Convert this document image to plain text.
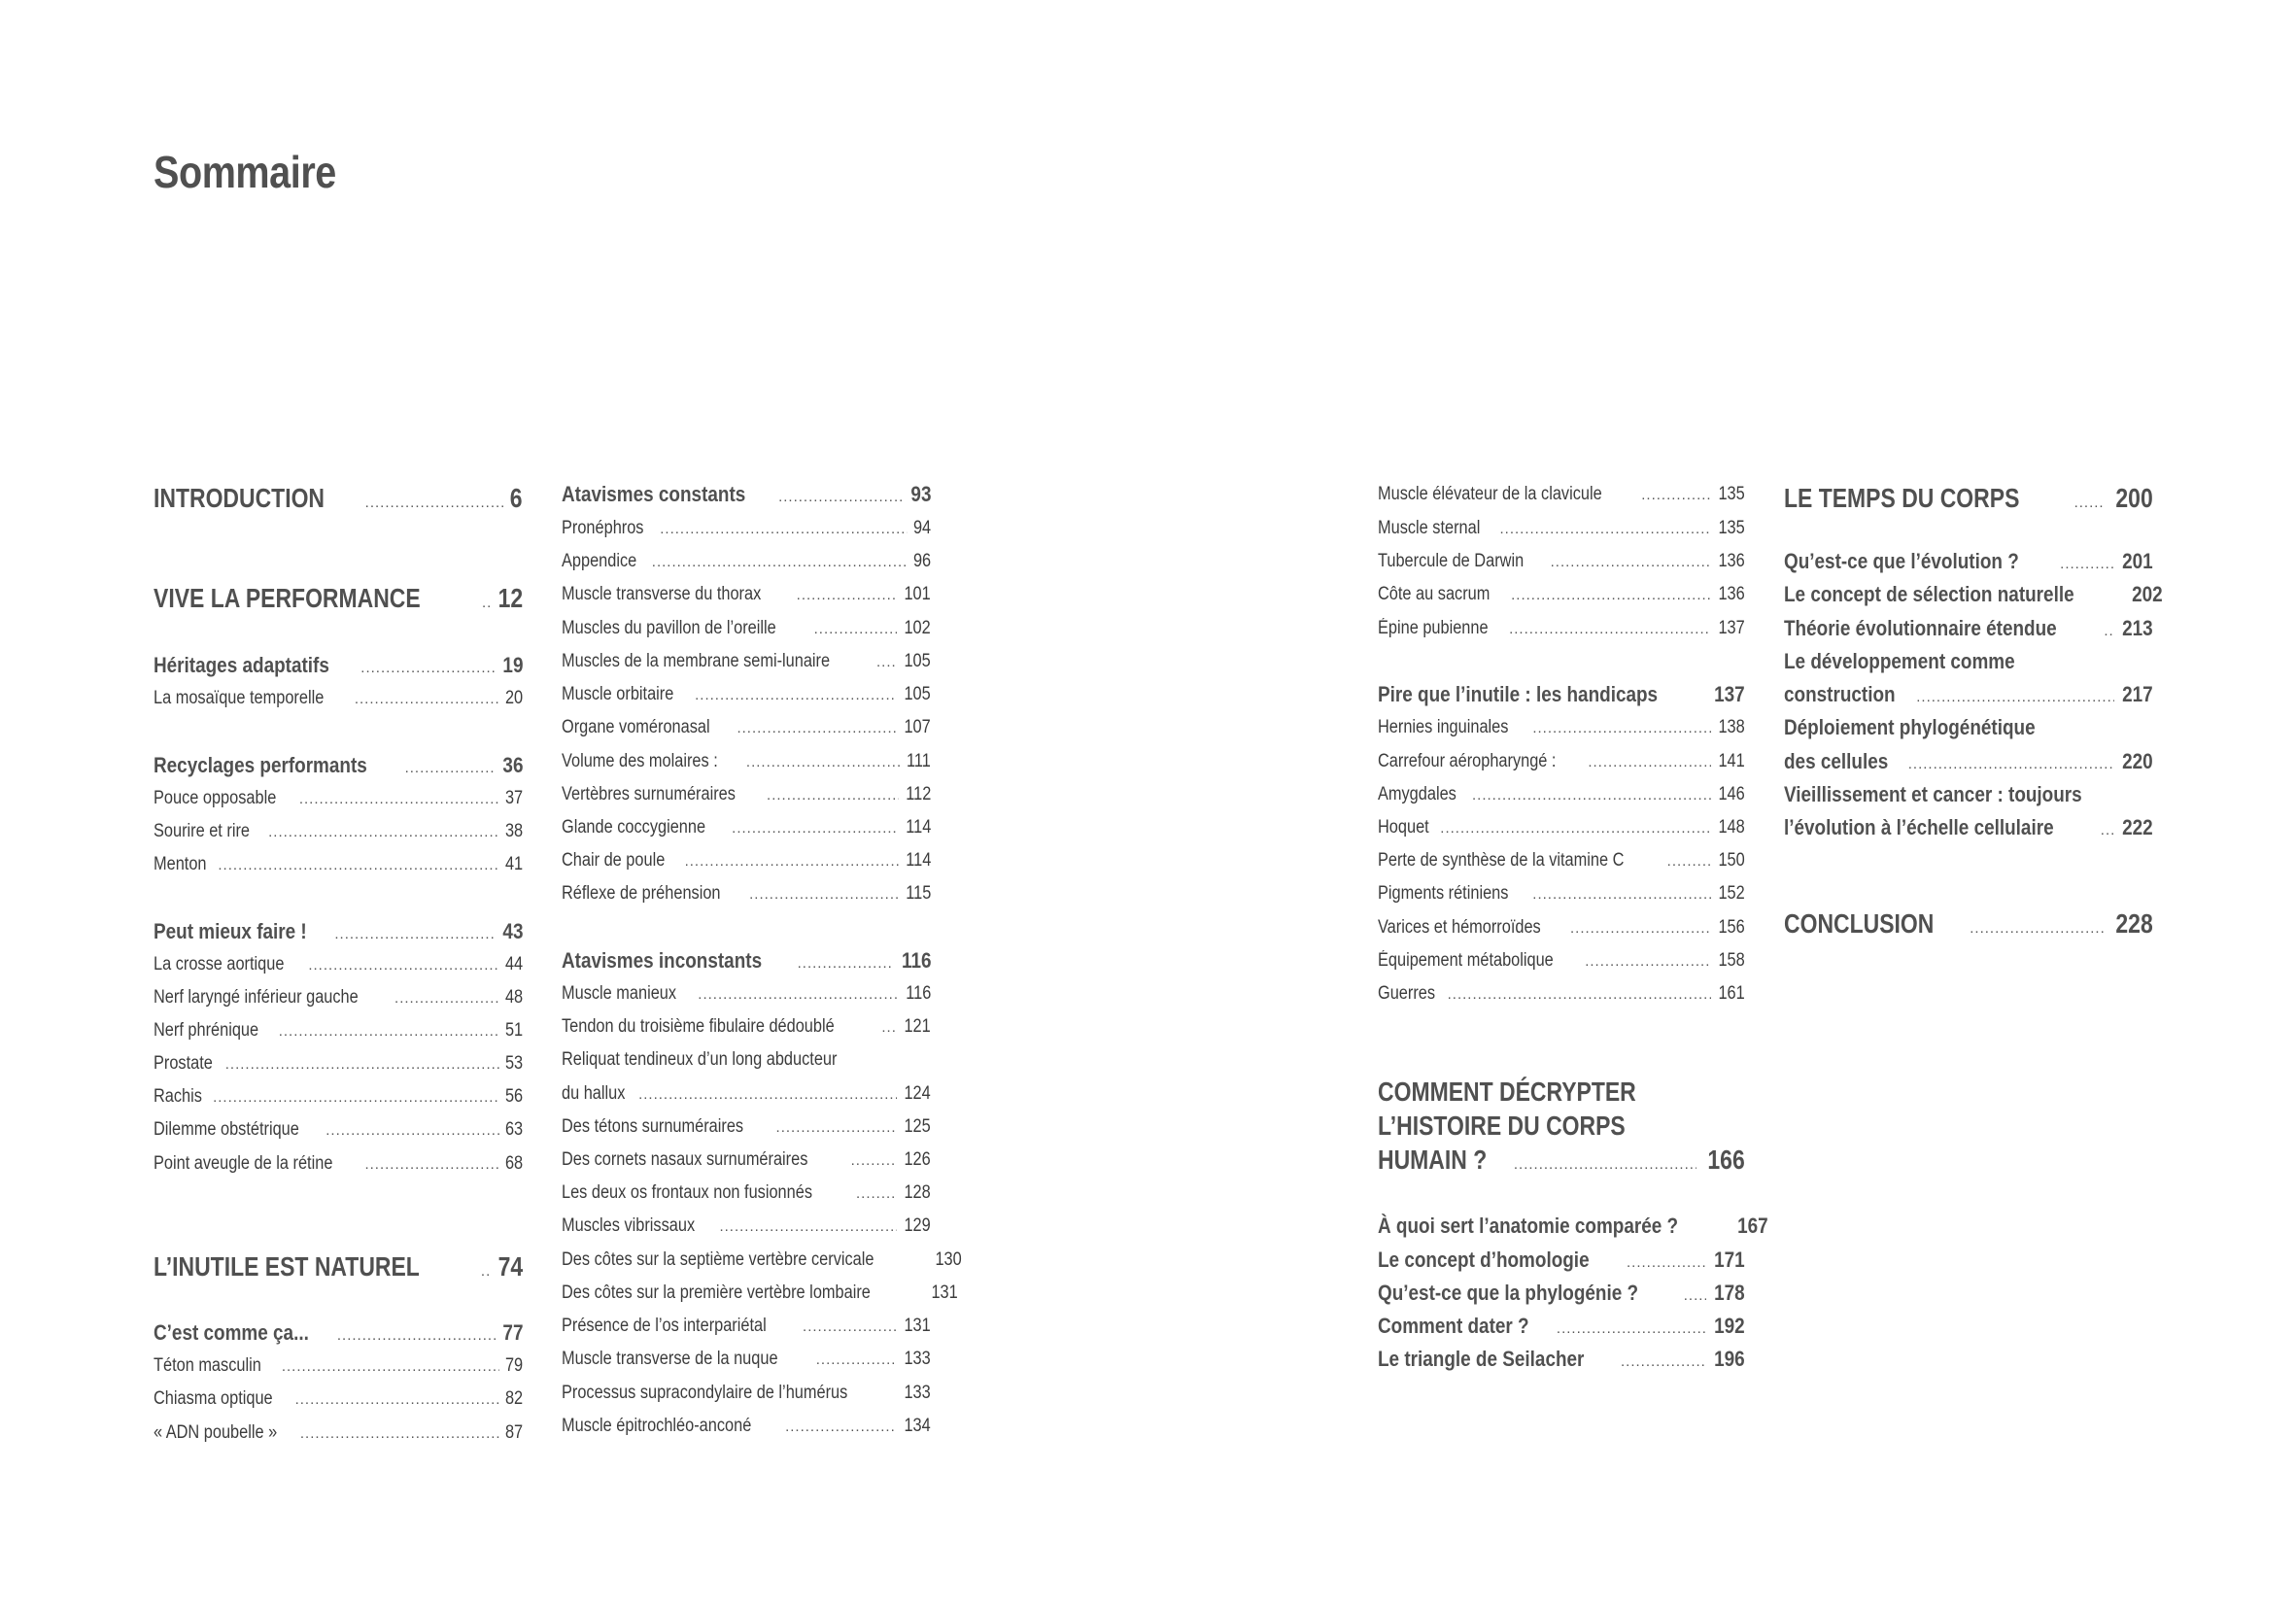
Sommaire
INTRODUCTION .....	6
VIVE LA PERFORMANCE .....	12
Héritages adaptatifs .....	19
La mosaïque temporelle .....	20
Recyclages performants .....	36
Pouce opposable .....	37
Sourire et rire .....	38
Menton .....	41
Peut mieux faire ! .....	43
La crosse aortique .....	44
Nerf laryngé inférieur gauche .....	48
Nerf phrénique .....	51
Prostate .....	53
Rachis .....	56
Dilemme obstétrique .....	63
Point aveugle de la rétine .....	68
L’INUTILE EST NATUREL .....	74
C’est comme ça... .....	77
Téton masculin .....	79
Chiasma optique .....	82
« ADN poubelle » .....	87
Atavismes constants .....	93
Pronéphros .....	94
Appendice .....	96
Muscle transverse du thorax .....	101
Muscles du pavillon de l’oreille .....	102
Muscles de la membrane semi-lunaire .....	105
Muscle orbitaire .....	105
Organe voméronasal .....	107
Volume des molaires : .....	111
Vertèbres surnuméraires .....	112
Glande coccygienne .....	114
Chair de poule .....	114
Réflexe de préhension .....	115
Atavismes inconstants .....	116
Muscle manieux .....	116
Tendon du troisième fibulaire dédoublé .....	121
Reliquat tendineux d’un long abducteur
du hallux .....	124
Des tétons surnuméraires .....	125
Des cornets nasaux surnuméraires .....	126
Les deux os frontaux non fusionnés .....	128
Muscles vibrissaux .....	129
Des côtes sur la septième vertèbre cervicale	130
Des côtes sur la première vertèbre lombaire	131
Présence de l’os interpariétal .....	131
Muscle transverse de la nuque .....	133
Processus supracondylaire de l’humérus .....	133
Muscle épitrochléo-anconé .....	134
Muscle élévateur de la clavicule .....	135
Muscle sternal .....	135
Tubercule de Darwin .....	136
Côte au sacrum .....	136
Épine pubienne .....	137
Pire que l’inutile : les handicaps .....	137
Hernies inguinales .....	138
Carrefour aéropharyngé : .....	141
Amygdales .....	146
Hoquet .....	148
Perte de synthèse de la vitamine C .....	150
Pigments rétiniens .....	152
Varices et hémorroïdes .....	156
Équipement métabolique .....	158
Guerres .....	161
COMMENT DÉCRYPTER
L’HISTOIRE DU CORPS
HUMAIN ? .....	166
À quoi sert l’anatomie comparée ?	167
Le concept d’homologie .....	171
Qu’est-ce que la phylogénie ? .....	178
Comment dater ? .....	192
Le triangle de Seilacher .....	196
LE TEMPS DU CORPS .....	200
Qu’est-ce que l’évolution ? .....	201
Le concept de sélection naturelle	202
Théorie évolutionnaire étendue .....	213
Le développement comme
construction .....	217
Déploiement phylogénétique
des cellules .....	220
Vieillissement et cancer : toujours
l’évolution à l’échelle cellulaire .....	222
CONCLUSION .....	228
